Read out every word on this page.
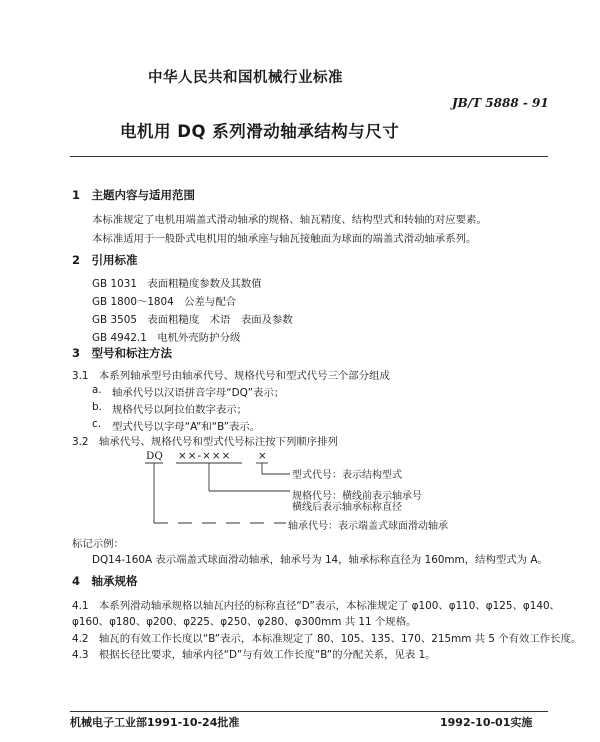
中华人民共和国机械行业标准
JB/T 5888 - 91
电机用 DQ 系列滑动轴承结构与尺寸
1　主题内容与适用范围
本标准规定了电机用端盖式滑动轴承的规格、轴瓦精度、结构型式和转轴的对应要素。
本标准适用于一般卧式电机用的轴承座与轴瓦接触面为球面的端盖式滑动轴承系列。
2　引用标准
GB 1031　表面粗糙度参数及其数值
GB 1800～1804　公差与配合
GB 3505　表面粗糙度　术语　表面及参数
GB 4942.1　电机外壳防护分级
3　型号和标注方法
3.1　本系列轴承型号由轴承代号、规格代号和型式代号三个部分组成
a. 轴承代号以汉语拼音字母“DQ”表示；
b. 规格代号以阿拉伯数字表示；
c. 型式代号以字母“A”和“B”表示。
3.2　轴承代号、规格代号和型式代号标注按下列顺序排列
DQ ××-×××	×
型式代号：表示结构型式
规格代号：横线前表示轴承号
横线后表示轴承标称直径
轴承代号：表示端盖式球面滑动轴承
标记示例：
DQ14-160A 表示端盖式球面滑动轴承，轴承号为 14，轴承标称直径为 160mm，结构型式为 A。
4　轴承规格
4.1　本系列滑动轴承规格以轴瓦内径的标称直径“D”表示，本标准规定了 φ100、φ110、φ125、φ140、
φ160、φ180、φ200、φ225、φ250、φ280、φ300mm 共 11 个规格。
4.2　轴瓦的有效工作长度以“B”表示，本标准规定了 80、105、135、170、215mm 共 5 个有效工作长度。
4.3　根据长径比要求，轴承内径“D”与有效工作长度“B”的分配关系，见表 1。
机械电子工业部1991-10-24批准	1992-10-01实施
